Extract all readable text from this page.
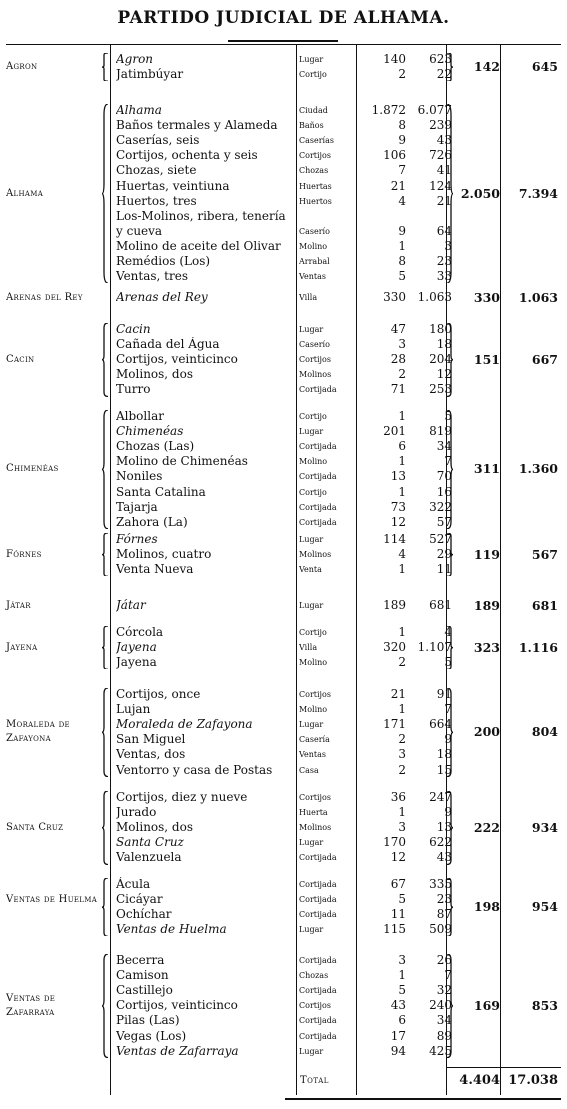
PARTIDO JUDICIAL DE ALHAMA.
Agron	142	645
Agron	Lugar	140	623
Jatimbúyar	Cortijo	2	22
Alhama	2.050	7.394
Alhama	Ciudad	1.872 6.077
Baños termales y Alameda	Baños	8	239
Caserías, seis	Caserías	9	43
Cortijos, ochenta y seis	Cortijos	106	726
Chozas, siete	Chozas	7	41
Huertas, veintiuna	Huertas	21	124
Huertos, tres	Huertos	4	21
Los-Molinos, ribera, tenería
y cueva	Caserío	9	64
Molino de aceite del Olivar	Molino	1	3
Remédios (Los)	Arrabal	8	23
Ventas, tres	Ventas	5	33
Arenas del Rey	330	1.063
Arenas del Rey	Villa	330 1.063
Cacin	151	667
Cacin	Lugar	47	180
Cañada del Água	Caserío	3	18
Cortijos, veinticinco	Cortijos	28	204
Molinos, dos	Molinos	2	12
Turro	Cortijada	71	253
Chimenéas	311	1.360
Albollar	Cortijo	1	5
Chimenéas	Lugar	201	819
Chozas (Las)	Cortijada	6	34
Molino de Chimenéas	Molino	1	7
Noniles	Cortijada	13	70
Santa Catalina	Cortijo	1	16
Tajarja	Cortijada	73	322
Zahora (La)	Cortijada	12	57
Fórnes	119	567
Fórnes	Lugar	114	527
Molinos, cuatro	Molinos	4	29
Venta Nueva	Venta	1	11
Játar	189	681
Játar	Lugar	189	681
Jayena	323	1.116
Córcola	Cortijo	1	4
Jayena	Villa	320 1.107
Jayena	Molino	2	5
Moraleda de Zafayona	200	804
Cortijos, once	Cortijos	21	91
Lujan	Molino	1	7
Moraleda de Zafayona	Lugar	171	664
San Miguel	Casería	2	9
Ventas, dos	Ventas	3	18
Ventorro y casa de Postas	Casa	2	15
Santa Cruz	222	934
Cortijos, diez y nueve	Cortijos	36	247
Jurado	Huerta	1	9
Molinos, dos	Molinos	3	13
Santa Cruz	Lugar	170	622
Valenzuela	Cortijada	12	43
Ventas de Huelma	198	954
Ácula	Cortijada	67	335
Cicáyar	Cortijada	5	23
Ochíchar	Cortijada	11	87
Ventas de Huelma	Lugar	115	509
Ventas de Zafarraya	169	853
Becerra	Cortijada	3	26
Camison	Chozas	1	7
Castillejo	Cortijada	5	32
Cortijos, veinticinco	Cortijos	43	240
Pilas (Las)	Cortijada	6	34
Vegas (Los)	Cortijada	17	89
Ventas de Zafarraya	Lugar	94	425
Total	4.404 17.038
